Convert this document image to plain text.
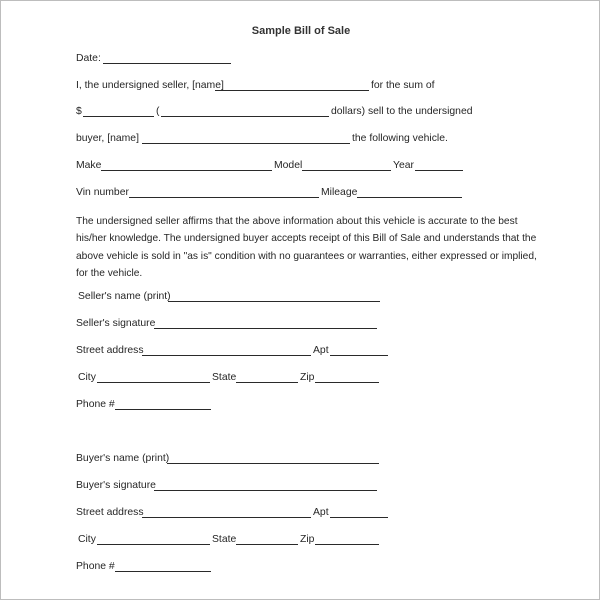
Sample Bill of Sale
Date:
I, the undersigned seller, [name]	for the sum of
$	(	dollars) sell to the undersigned
buyer, [name]	the following vehicle.
Make	Model	Year
Vin number	Mileage
The undersigned seller affirms that the above information about this vehicle is accurate to the best
his/her knowledge. The undersigned buyer accepts receipt of this Bill of Sale and understands that the
above vehicle is sold in "as is" condition with no guarantees or warranties, either expressed or implied,
for the vehicle.
Seller's name (print)
Seller's signature
Street address	Apt
City	State	Zip
Phone #
Buyer's name (print)
Buyer's signature
Street address	Apt
City	State	Zip
Phone #
